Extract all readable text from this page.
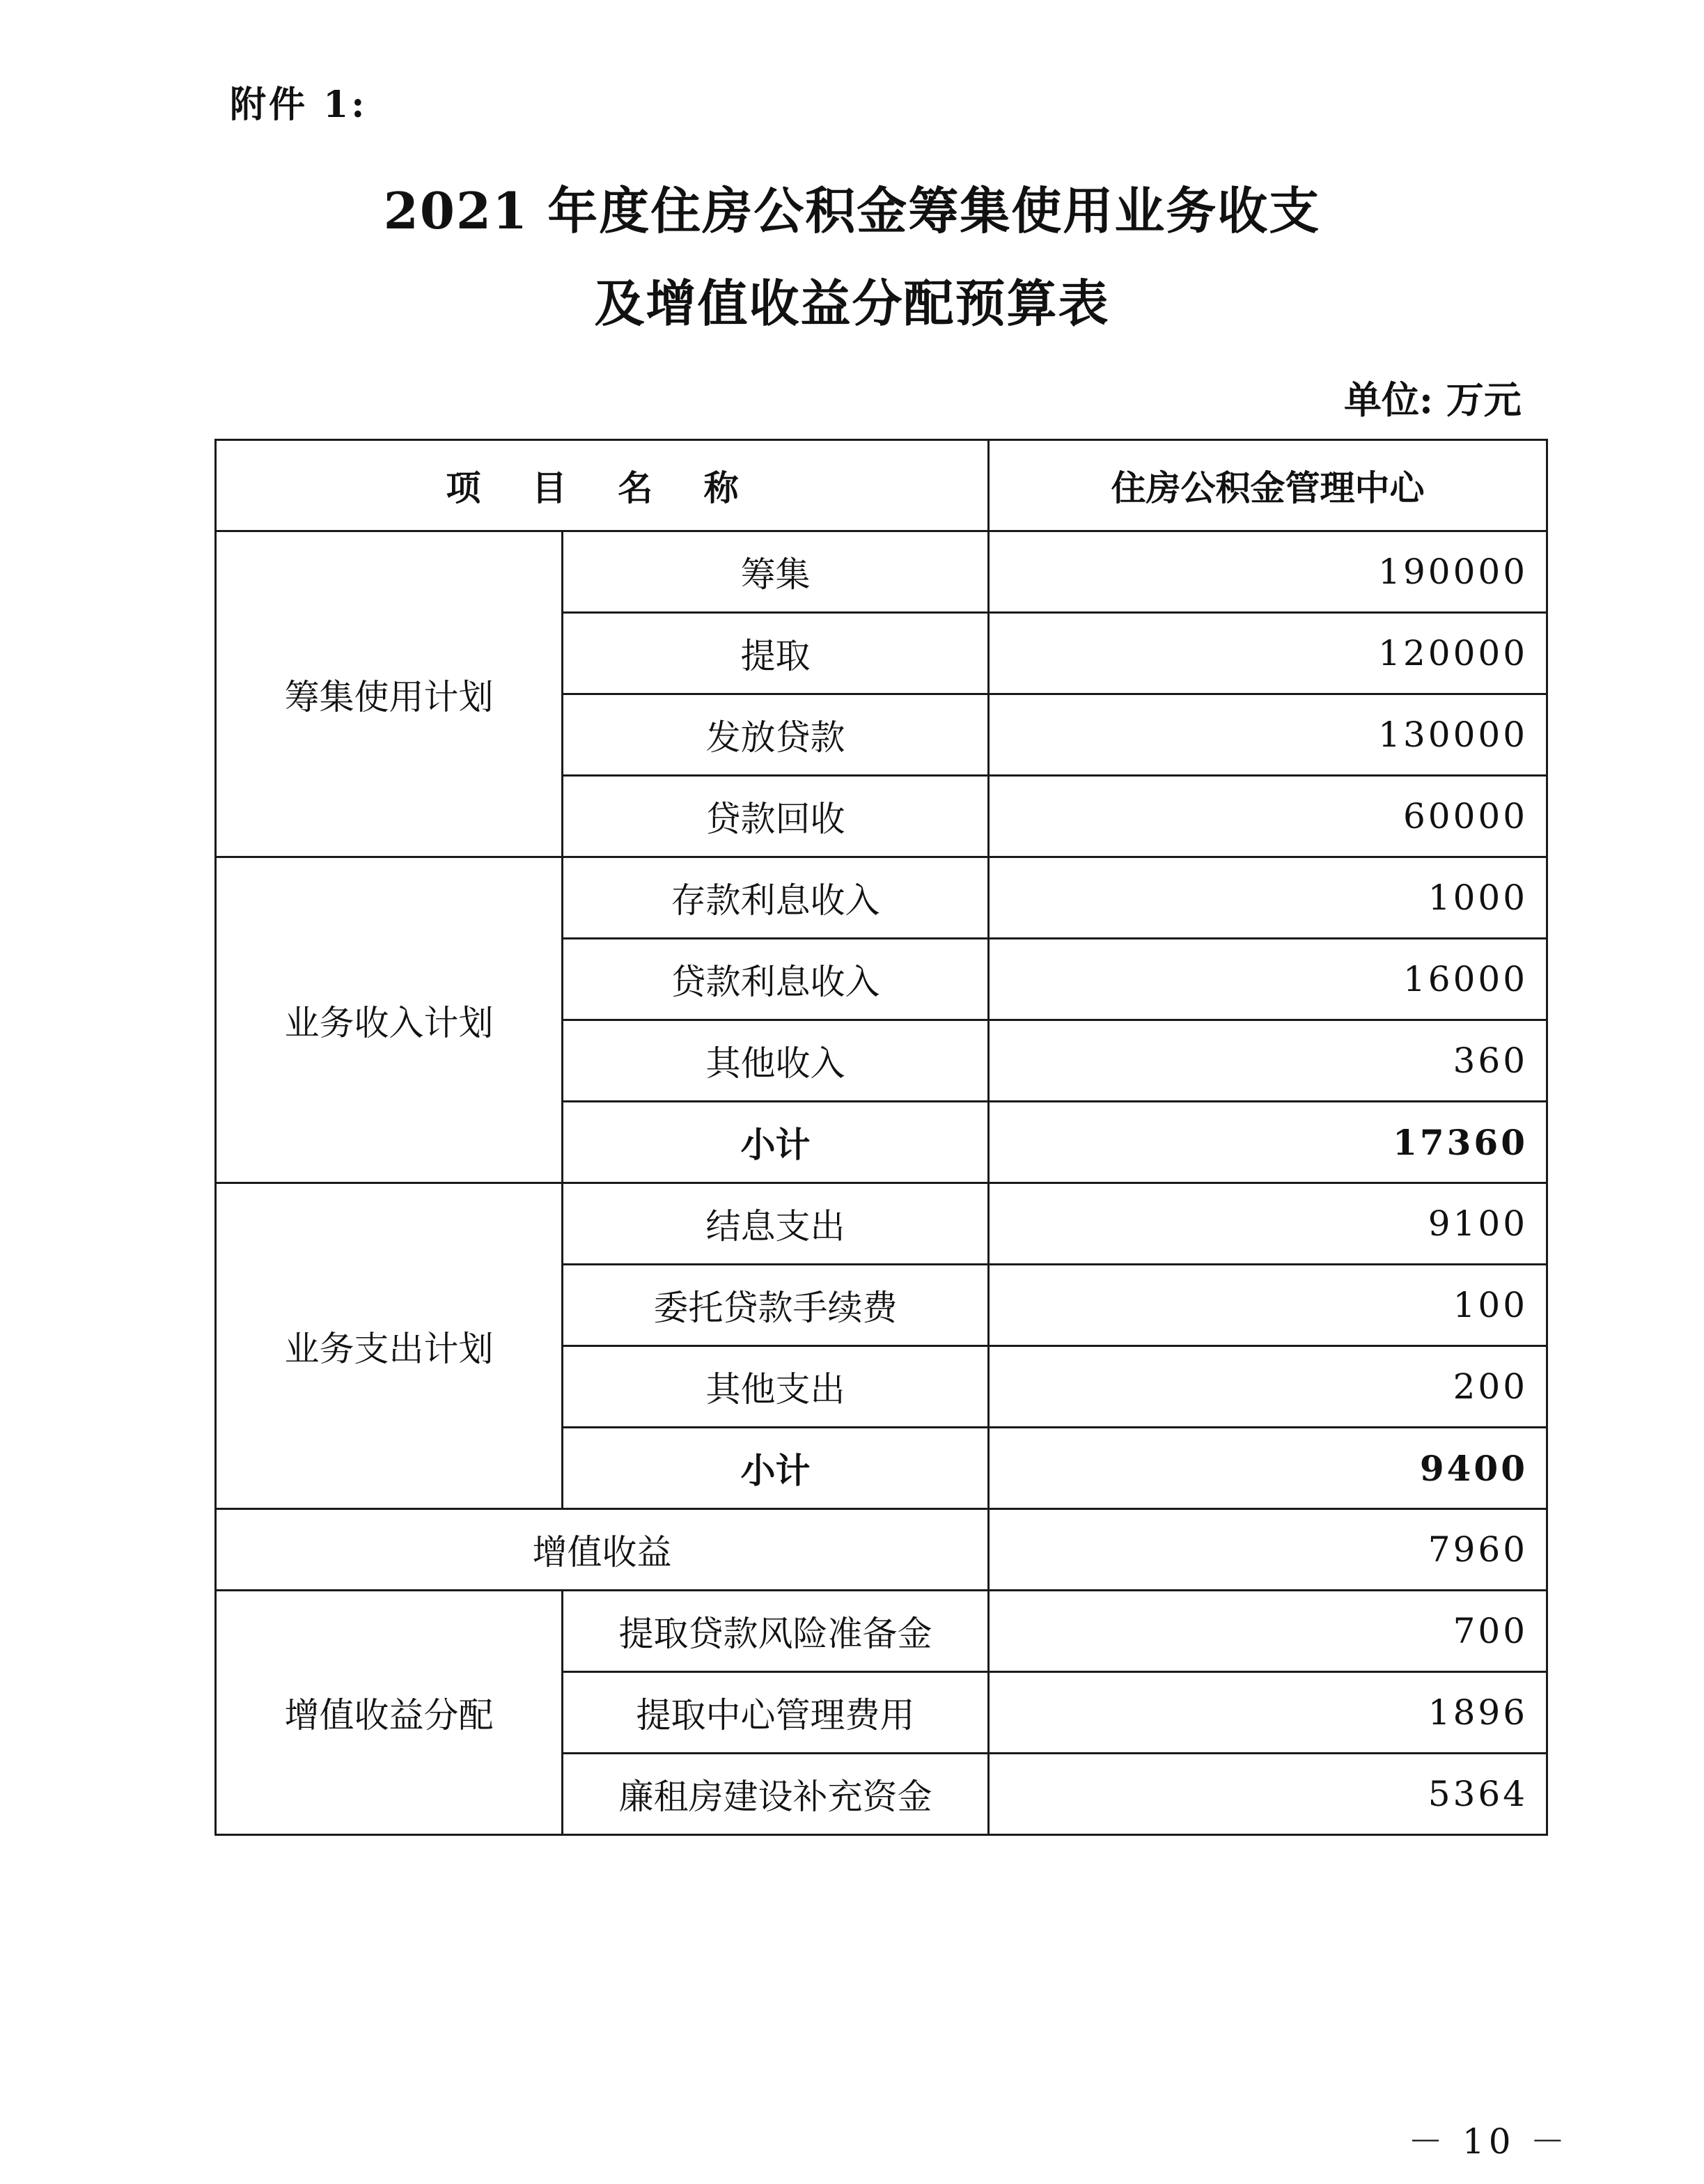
附件 1:
2021 年度住房公积金筹集使用业务收支
及增值收益分配预算表
单位: 万元
项 目 名 称		住房公积金管理中心
筹集使用计划	筹集	190000
	提取	120000
	发放贷款	130000
	贷款回收	60000
业务收入计划	存款利息收入	1000
	贷款利息收入	16000
	其他收入	360
	小计	17360
业务支出计划	结息支出	9100
	委托贷款手续费	100
	其他支出	200
	小计	9400
增值收益		7960
增值收益分配	提取贷款风险准备金	700
	提取中心管理费用	1896
	廉租房建设补充资金	5364
－ 10 －
